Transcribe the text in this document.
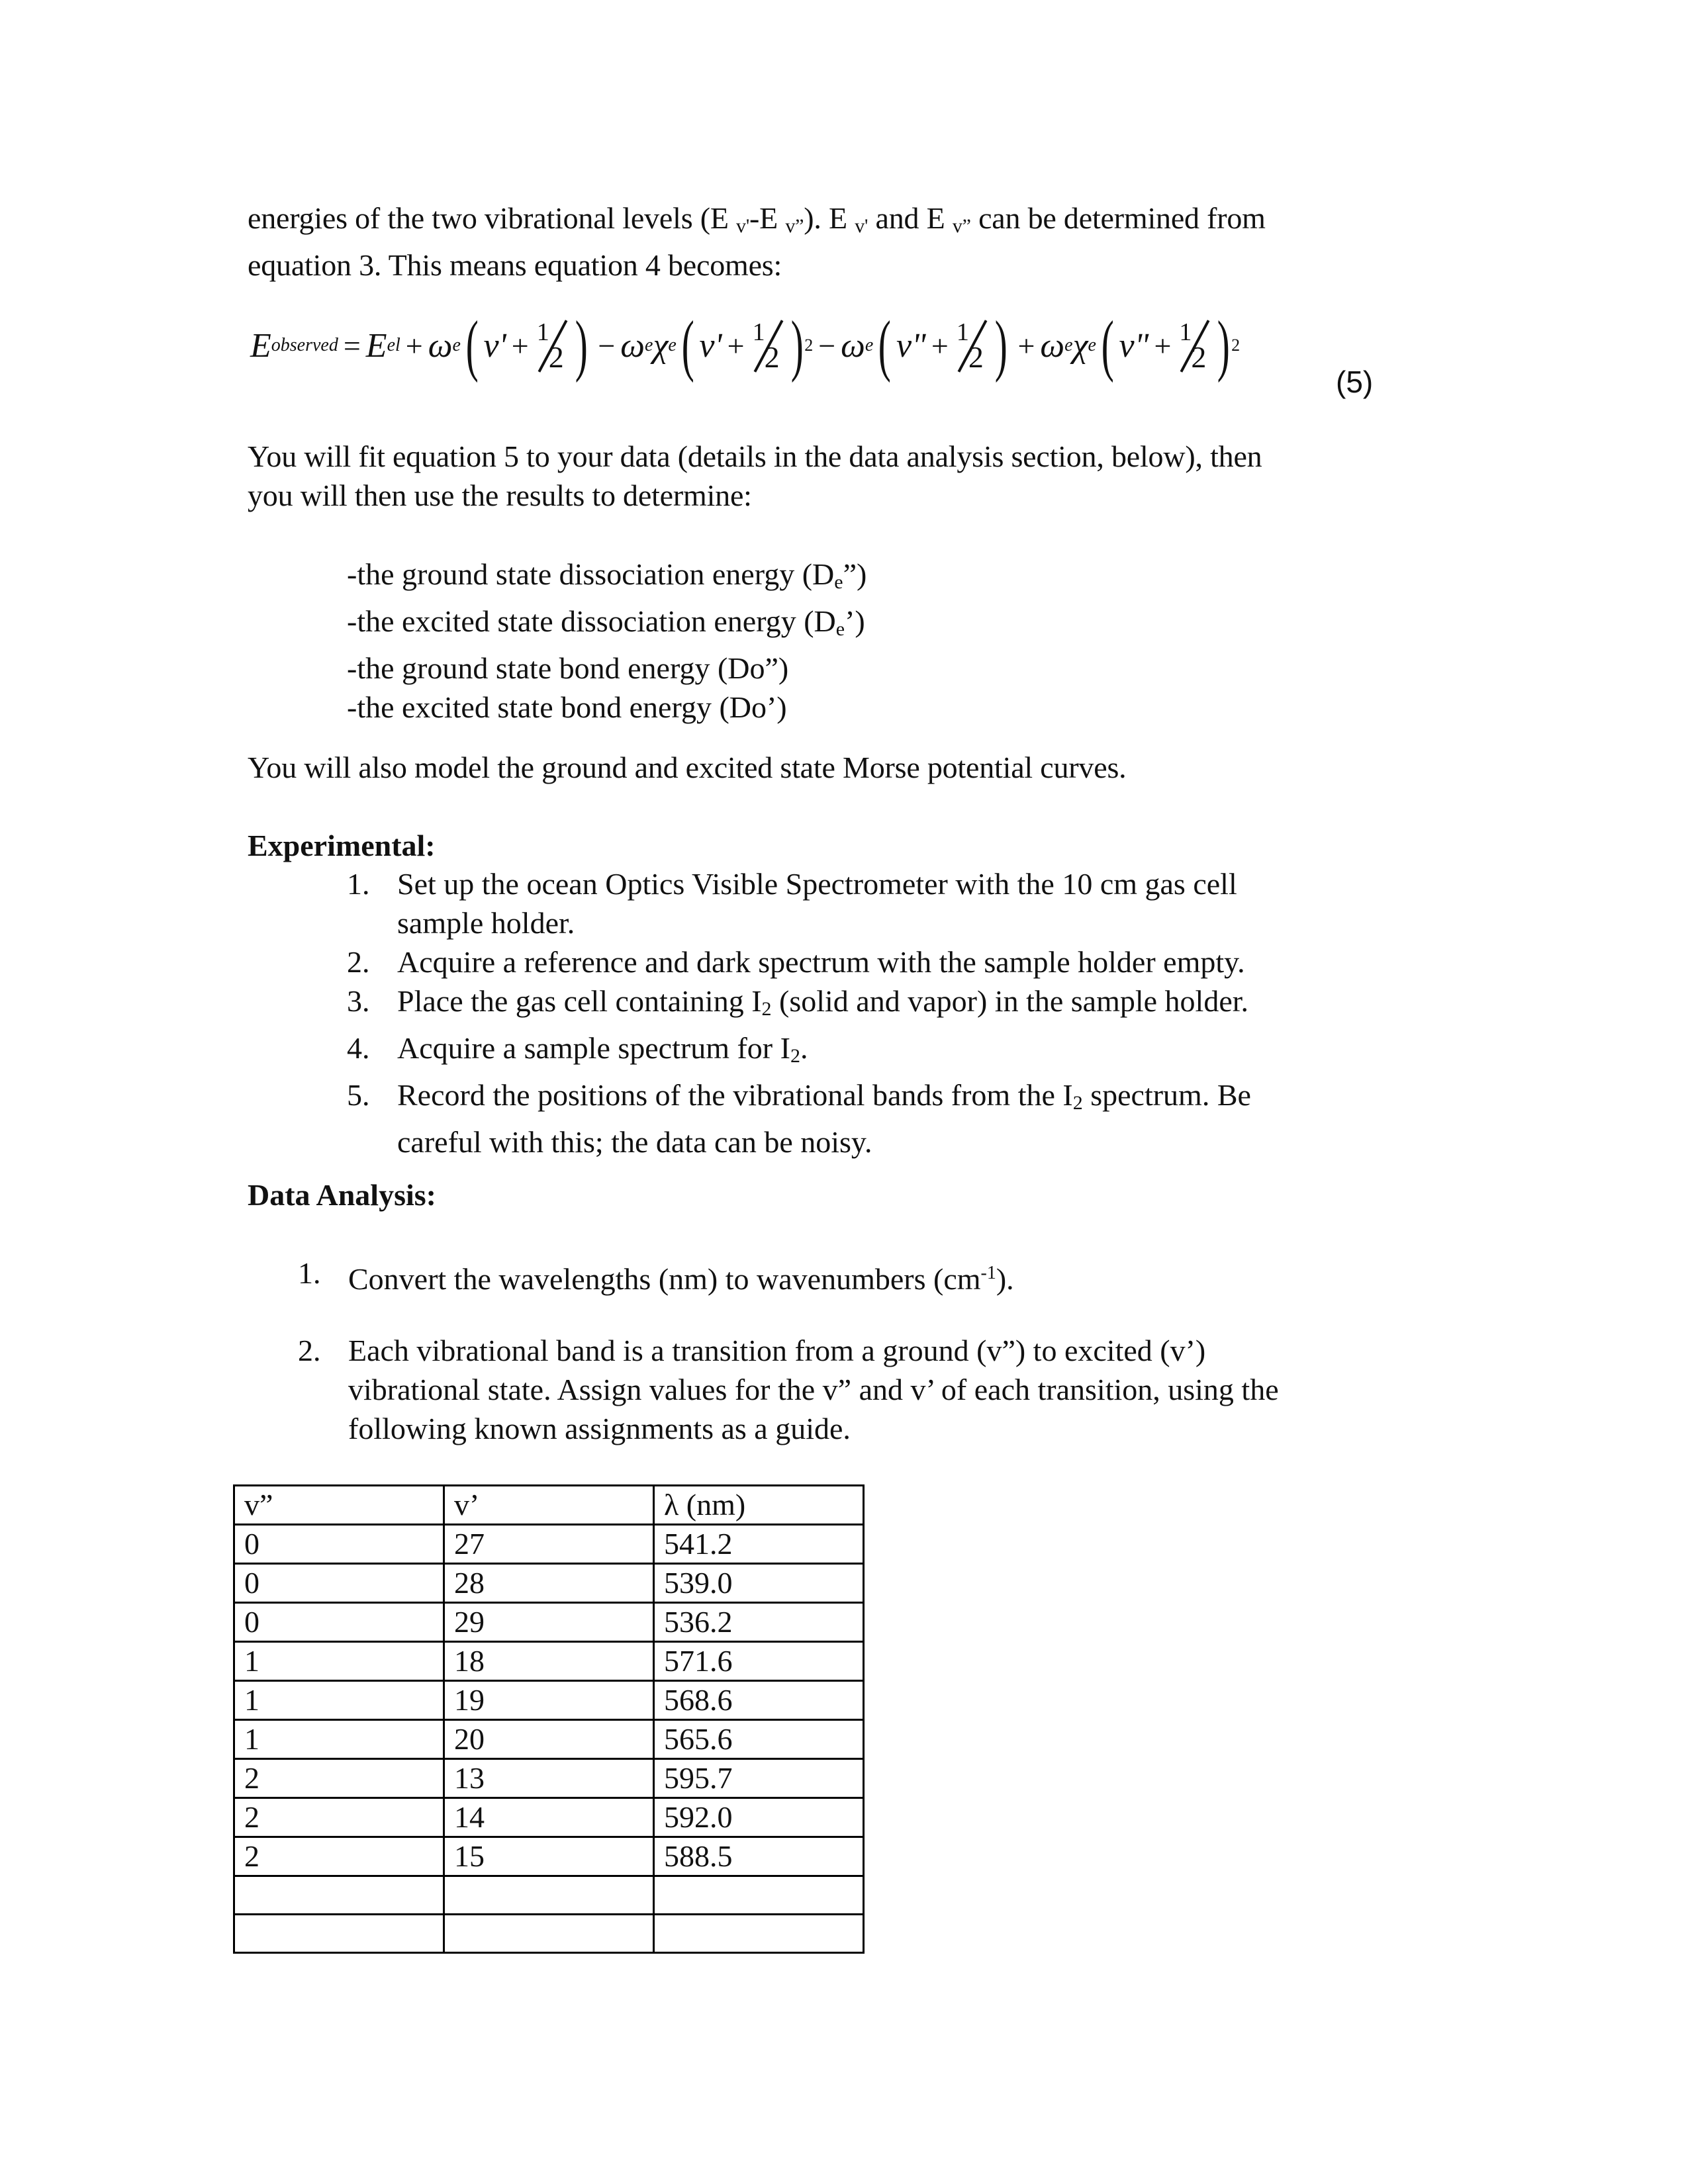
energies of the two vibrational levels (E v'-E v”). E v' and E v” can be determined from
equation 3. This means equation 4 becomes:
E observed = E el + ω e ( v' + 1
2 ) − ω e χ e ( v' + 1
2 ) 2 − ω e ( v" + 1
2 ) + ω e χ e ( v" + 1
2 ) 2
(5)
You will fit equation 5 to your data (details in the data analysis section, below), then
you will then use the results to determine:
-the ground state dissociation energy (De”)
-the excited state dissociation energy (De’)
-the ground state bond energy (Do”)
-the excited state bond energy (Do’)
You will also model the ground and excited state Morse potential curves.
Experimental:
1. Set up the ocean Optics Visible Spectrometer with the 10 cm gas cell
sample holder.
2. Acquire a reference and dark spectrum with the sample holder empty.
3. Place the gas cell containing I2 (solid and vapor) in the sample holder.
4. Acquire a sample spectrum for I2.
5. Record the positions of the vibrational bands from the I2 spectrum. Be
careful with this; the data can be noisy.
Data Analysis:
1. Convert the wavelengths (nm) to wavenumbers $(cm^{-1})$.
2. Each vibrational band is a transition from a ground (v”) to excited (v’)
vibrational state. Assign values for the v” and v’ of each transition, using the
following known assignments as a guide.
v”	v’	λ (nm)
0	27	541.2
0	28	539.0
0	29	536.2
1	18	571.6
1	19	568.6
1	20	565.6
2	13	595.7
2	14	592.0
2	15	588.5
